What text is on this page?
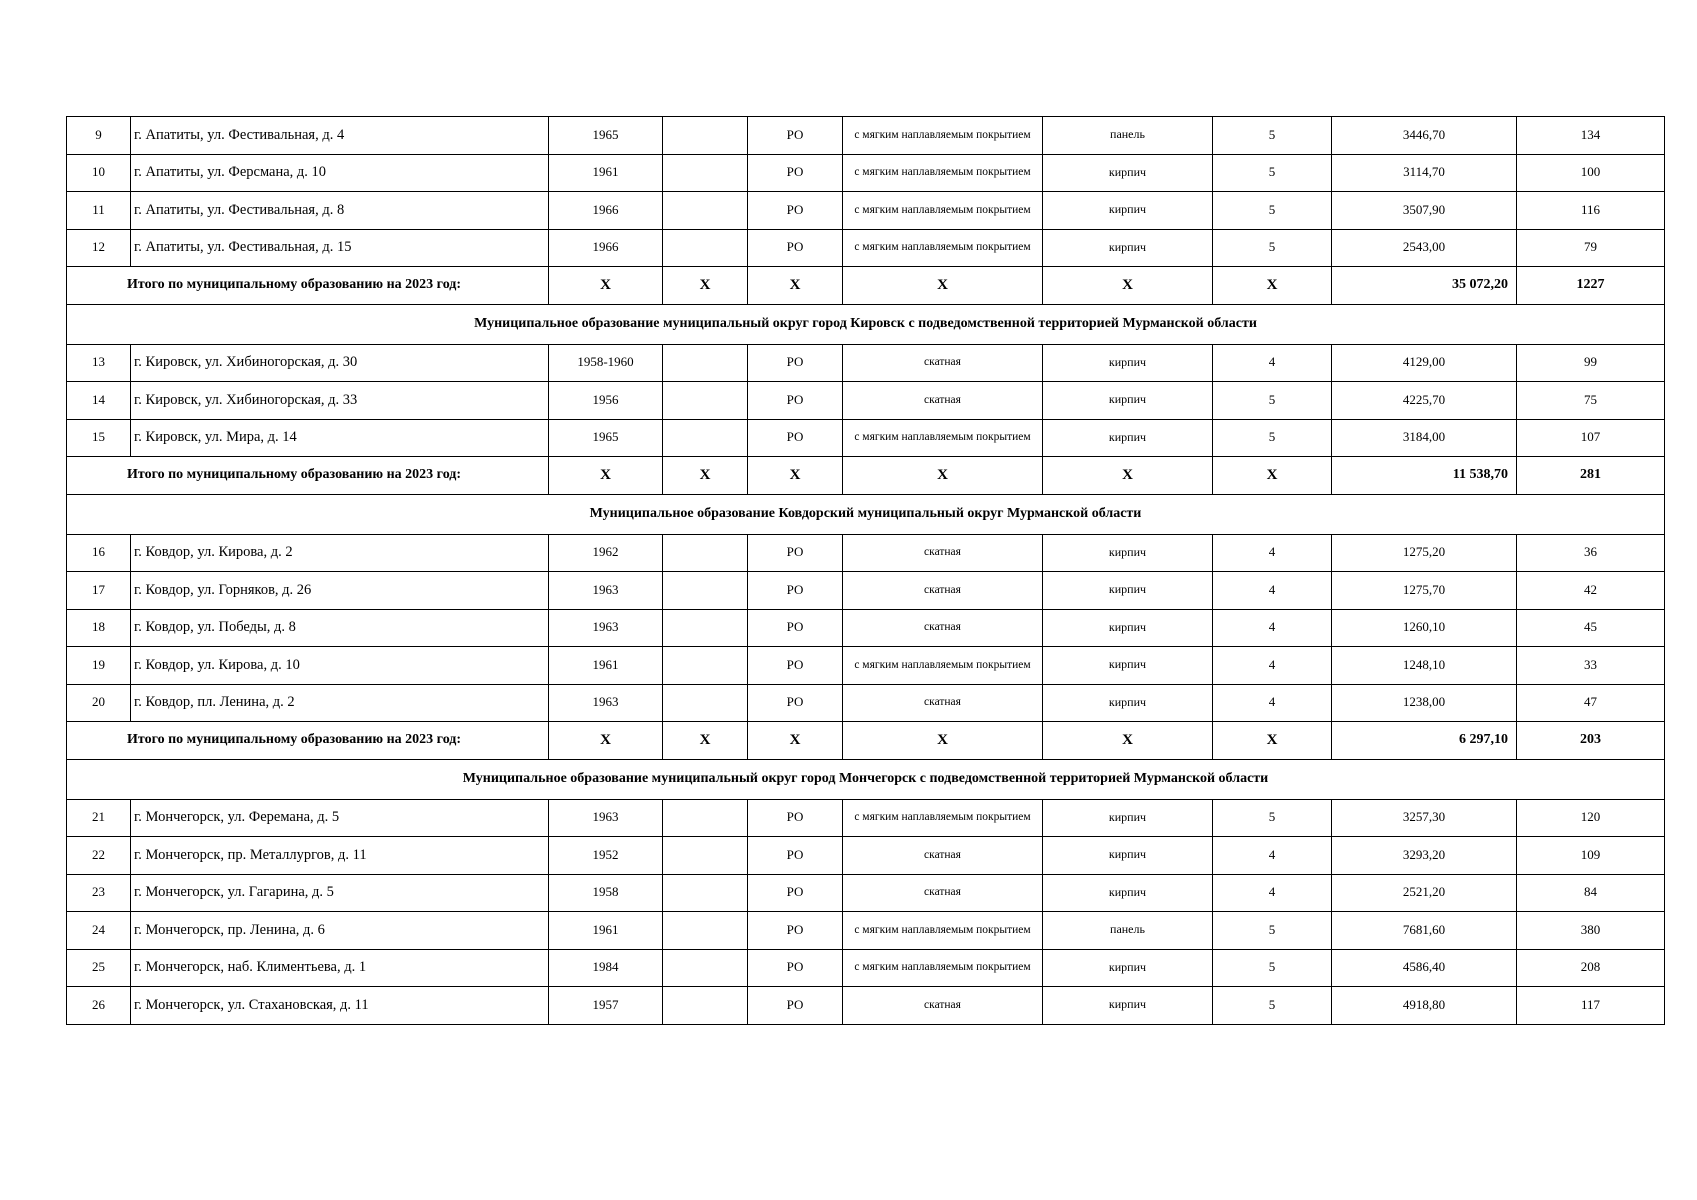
9	г. Апатиты, ул. Фестивальная, д. 4	1965		РО	с мягким наплавляемым покрытием	панель	5	3446,70	134
10	г. Апатиты, ул. Ферсмана, д. 10	1961		РО	с мягким наплавляемым покрытием	кирпич	5	3114,70	100
11	г. Апатиты, ул. Фестивальная, д. 8	1966		РО	с мягким наплавляемым покрытием	кирпич	5	3507,90	116
12	г. Апатиты, ул. Фестивальная, д. 15	1966		РО	с мягким наплавляемым покрытием	кирпич	5	2543,00	79
Итого по муниципальному образованию на 2023 год:		Х	Х	Х	Х	Х	Х	35 072,20	1227
Муниципальное образование муниципальный округ город Кировск с подведомственной территорией Мурманской области									
13	г. Кировск, ул. Хибиногорская, д. 30	1958-1960		РО	скатная	кирпич	4	4129,00	99
14	г. Кировск, ул. Хибиногорская, д. 33	1956		РО	скатная	кирпич	5	4225,70	75
15	г. Кировск, ул. Мира, д. 14	1965		РО	с мягким наплавляемым покрытием	кирпич	5	3184,00	107
Итого по муниципальному образованию на 2023 год:		Х	Х	Х	Х	Х	Х	11 538,70	281
Муниципальное образование Ковдорский муниципальный округ Мурманской области									
16	г. Ковдор, ул. Кирова, д. 2	1962		РО	скатная	кирпич	4	1275,20	36
17	г. Ковдор, ул. Горняков, д. 26	1963		РО	скатная	кирпич	4	1275,70	42
18	г. Ковдор, ул. Победы, д. 8	1963		РО	скатная	кирпич	4	1260,10	45
19	г. Ковдор, ул. Кирова, д. 10	1961		РО	с мягким наплавляемым покрытием	кирпич	4	1248,10	33
20	г. Ковдор, пл. Ленина, д. 2	1963		РО	скатная	кирпич	4	1238,00	47
Итого по муниципальному образованию на 2023 год:		Х	Х	Х	Х	Х	Х	6 297,10	203
Муниципальное образование муниципальный округ город Мончегорск с подведомственной территорией Мурманской области									
21	г. Мончегорск, ул. Феремана, д. 5	1963		РО	с мягким наплавляемым покрытием	кирпич	5	3257,30	120
22	г. Мончегорск, пр. Металлургов, д. 11	1952		РО	скатная	кирпич	4	3293,20	109
23	г. Мончегорск, ул. Гагарина, д. 5	1958		РО	скатная	кирпич	4	2521,20	84
24	г. Мончегорск, пр. Ленина, д. 6	1961		РО	с мягким наплавляемым покрытием	панель	5	7681,60	380
25	г. Мончегорск, наб. Климентьева, д. 1	1984		РО	с мягким наплавляемым покрытием	кирпич	5	4586,40	208
26	г. Мончегорск, ул. Стахановская, д. 11	1957		РО	скатная	кирпич	5	4918,80	117
